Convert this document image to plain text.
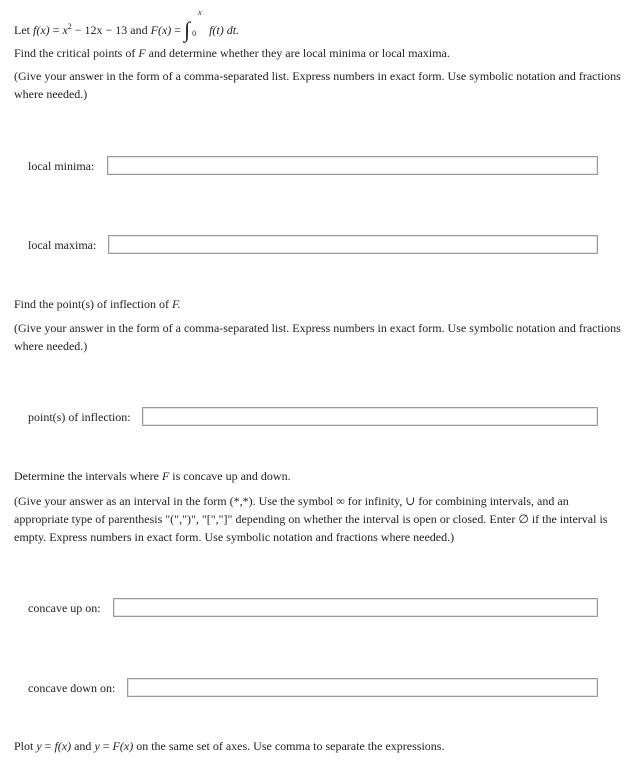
Let $f(x) = x^2 - 12x - 13$ and F(x) = ∫
x
0 f(t) dt.
Find the critical points of F and determine whether they are local minima or local maxima.
(Give your answer in the form of a comma-separated list. Express numbers in exact form. Use symbolic notation and fractions where needed.)
local minima:
local maxima:
Find the point(s) of inflection of F.
(Give your answer in the form of a comma-separated list. Express numbers in exact form. Use symbolic notation and fractions where needed.)
point(s) of inflection:
Determine the intervals where F is concave up and down.
(Give your answer as an interval in the form (*,*). Use the symbol ∞ for infinity, ∪ for combining intervals, and an appropriate type of parenthesis "(",")", "[","]" depending on whether the interval is open or closed. Enter ∅ if the interval is empty. Express numbers in exact form. Use symbolic notation and fractions where needed.)
concave up on:
concave down on:
Plot y = f(x) and y = F(x) on the same set of axes. Use comma to separate the expressions.
